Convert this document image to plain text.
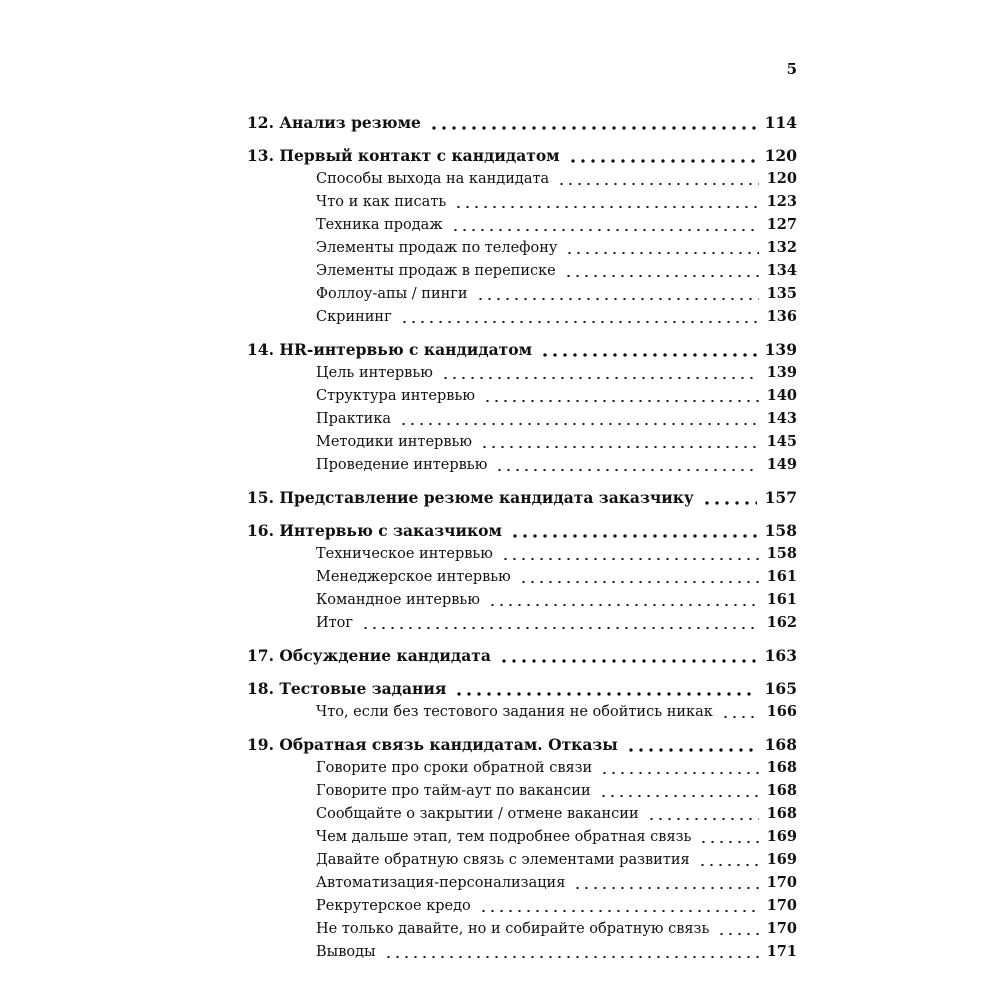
5
12. Анализ резюме	114
13. Первый контакт с кандидатом	120
Способы выхода на кандидата	120
Что и как писать	123
Техника продаж	127
Элементы продаж по телефону	132
Элементы продаж в переписке	134
Фоллоу-апы / пинги	135
Скрининг	136
14. HR-интервью с кандидатом	139
Цель интервью	139
Структура интервью	140
Практика	143
Методики интервью	145
Проведение интервью	149
15. Представление резюме кандидата заказчику	157
16. Интервью с заказчиком	158
Техническое интервью	158
Менеджерское интервью	161
Командное интервью	161
Итог	162
17. Обсуждение кандидата	163
18. Тестовые задания	165
Что, если без тестового задания не обойтись никак	166
19. Обратная связь кандидатам. Отказы	168
Говорите про сроки обратной связи	168
Говорите про тайм-аут по вакансии	168
Сообщайте о закрытии / отмене вакансии	168
Чем дальше этап, тем подробнее обратная связь	169
Давайте обратную связь с элементами развития	169
Автоматизация-персонализация	170
Рекрутерское кредо	170
Не только давайте, но и собирайте обратную связь	170
Выводы	171
